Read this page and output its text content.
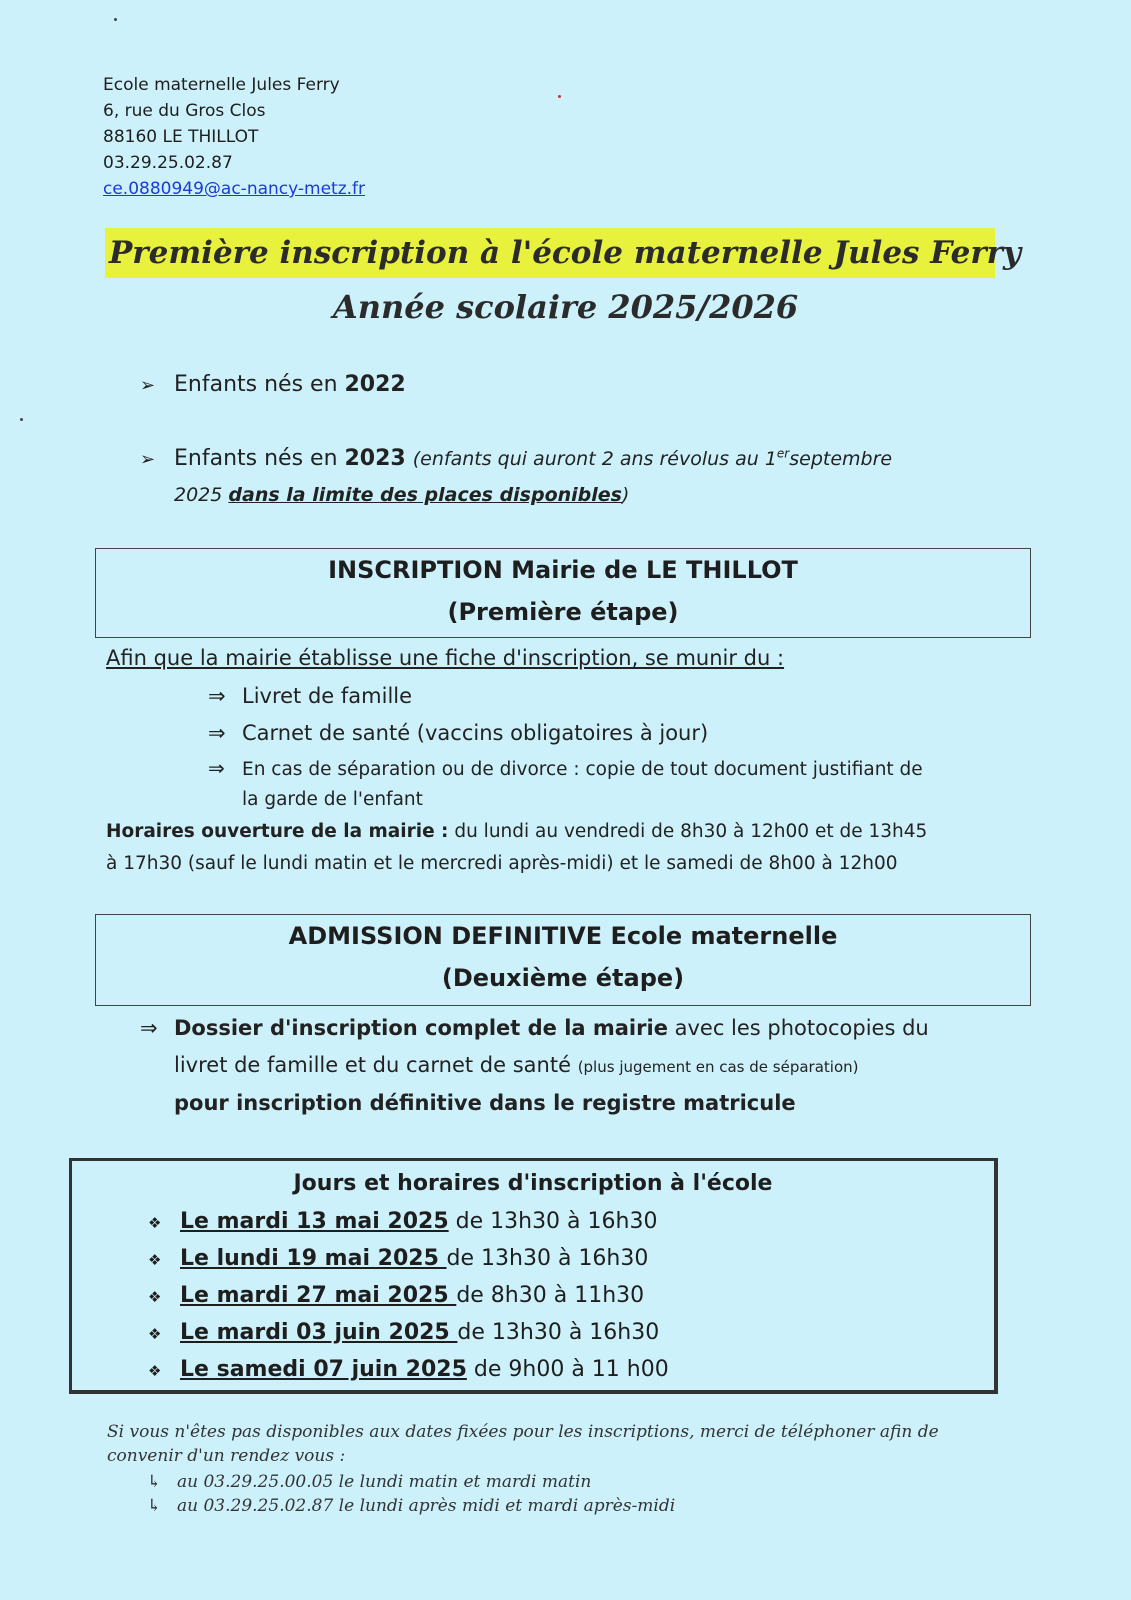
Ecole maternelle Jules Ferry
6, rue du Gros Clos
88160 LE THILLOT
03.29.25.02.87
ce.0880949@ac-nancy-metz.fr
Première inscription à l'école maternelle Jules Ferry
Année scolaire 2025/2026
➢ Enfants nés en 2022
➢ Enfants nés en 2023 (enfants qui auront 2 ans révolus au 1erseptembre
2025 dans la limite des places disponibles)
INSCRIPTION Mairie de LE THILLOT
(Première étape)
Afin que la mairie établisse une fiche d'inscription, se munir du :
⇒ Livret de famille
⇒ Carnet de santé (vaccins obligatoires à jour)
⇒ En cas de séparation ou de divorce : copie de tout document justifiant de
la garde de l'enfant
Horaires ouverture de la mairie : du lundi au vendredi de 8h30 à 12h00 et de 13h45
à 17h30 (sauf le lundi matin et le mercredi après-midi) et le samedi de 8h00 à 12h00
ADMISSION DEFINITIVE Ecole maternelle
(Deuxième étape)
⇒ Dossier d'inscription complet de la mairie avec les photocopies du
livret de famille et du carnet de santé (plus jugement en cas de séparation)
pour inscription définitive dans le registre matricule
Jours et horaires d'inscription à l'école
❖ Le mardi 13 mai 2025 de 13h30 à 16h30
❖ Le lundi 19 mai 2025 de 13h30 à 16h30
❖ Le mardi 27 mai 2025 de 8h30 à 11h30
❖ Le mardi 03 juin 2025 de 13h30 à 16h30
❖ Le samedi 07 juin 2025 de 9h00 à 11 h00
Si vous n'êtes pas disponibles aux dates fixées pour les inscriptions, merci de téléphoner afin de
convenir d'un rendez vous :
↳ au 03.29.25.00.05 le lundi matin et mardi matin
↳ au 03.29.25.02.87 le lundi après midi et mardi après-midi
